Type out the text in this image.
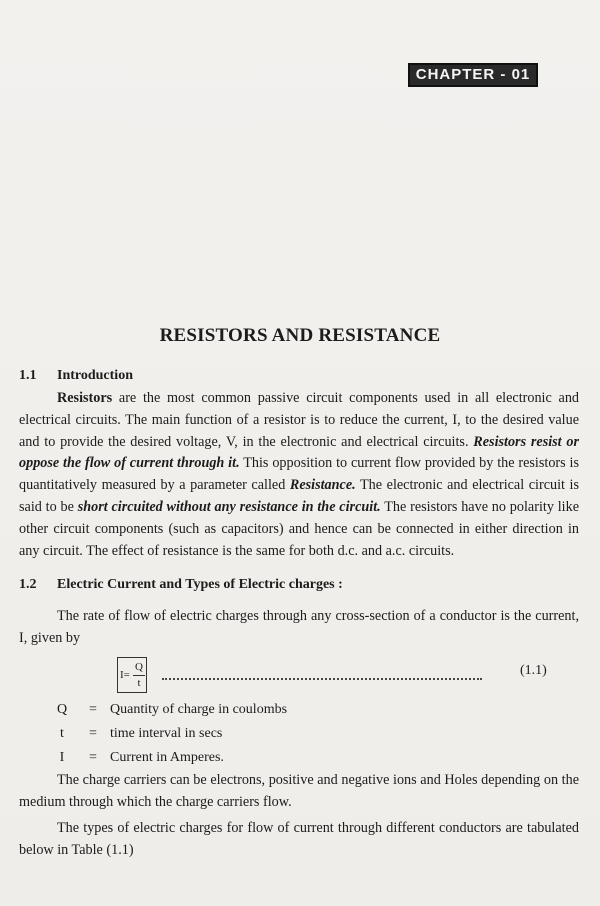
CHAPTER - 01
RESISTORS AND RESISTANCE
1.1 Introduction
Resistors are the most common passive circuit components used in all electronic and electrical circuits. The main function of a resistor is to reduce the current, I, to the desired value and to provide the desired voltage, V, in the electronic and electrical circuits. Resistors resist or oppose the flow of current through it. This opposition to current flow provided by the resistors is quantitatively measured by a parameter called Resistance. The electronic and electrical circuit is said to be short circuited without any resistance in the circuit. The resistors have no polarity like other circuit components (such as capacitors) and hence can be connected in either direction in any circuit. The effect of resistance is the same for both d.c. and a.c. circuits.
1.2 Electric Current and Types of Electric charges :
The rate of flow of electric charges through any cross-section of a conductor is the current, I, given by
$I= \frac{Q}{t}$	(1.1)
Q = Quantity of charge in coulombs
t	= time interval in secs
I	= Current in Amperes.
The charge carriers can be electrons, positive and negative ions and Holes depending on the medium through which the charge carriers flow.
The types of electric charges for flow of current through different conductors are tabulated below in Table (1.1)
